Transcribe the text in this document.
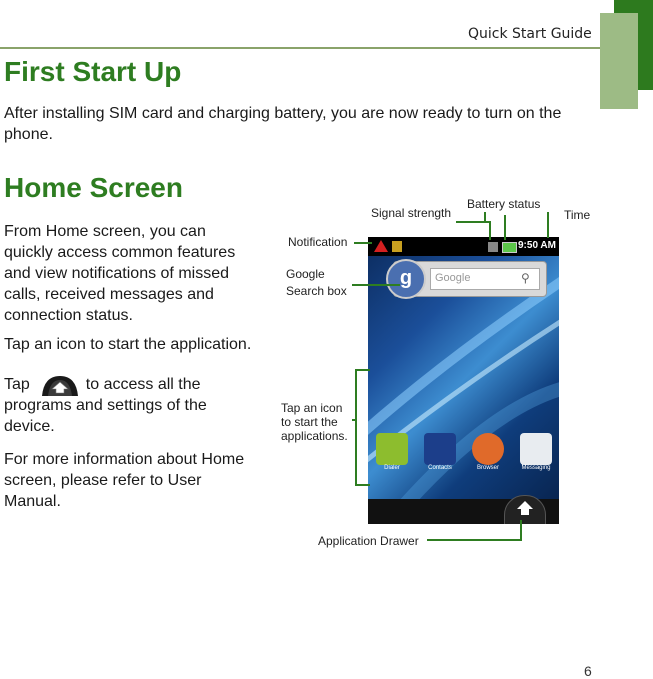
Quick Start Guide
First Start Up
After installing SIM card and charging battery, you are now ready to turn on the
phone.
Home Screen
From Home screen, you can
quickly access common features
and view notifications of missed
calls, received messages and
connection status.
Tap an icon to start the application.
Tap	to access all the
programs and settings of the
device.
For more information about Home
screen, please refer to User
Manual.
9:50 AM
Google	⚲
g
Dialer	Contacts	Browser	Messaging
Signal strength
Battery status
Time
Notification
Google
Search box
Tap an icon
to start the
applications.
Application Drawer
6
